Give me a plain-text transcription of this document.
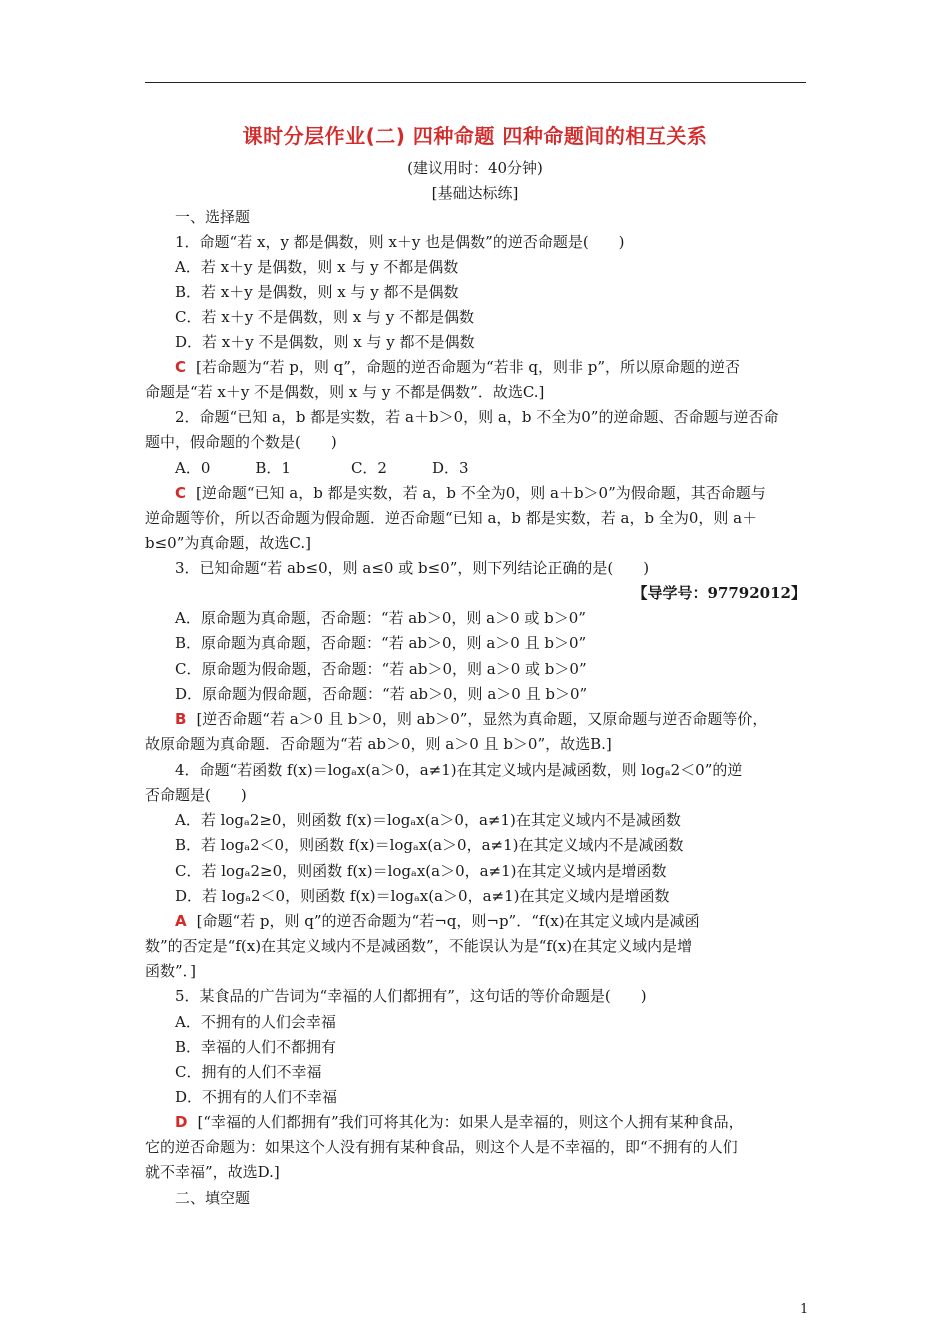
课时分层作业(二) 四种命题 四种命题间的相互关系
(建议用时：40分钟)
[基础达标练]
一、选择题
1．命题“若 x，y 都是偶数，则 x＋y 也是偶数”的逆否命题是(　　)
A．若 x＋y 是偶数，则 x 与 y 不都是偶数
B．若 x＋y 是偶数，则 x 与 y 都不是偶数
C．若 x＋y 不是偶数，则 x 与 y 不都是偶数
D．若 x＋y 不是偶数，则 x 与 y 都不是偶数
C [若命题为“若 p，则 q”，命题的逆否命题为“若非 q，则非 p”，所以原命题的逆否
命题是“若 x＋y 不是偶数，则 x 与 y 不都是偶数”．故选C.]
2．命题“已知 a，b 都是实数，若 a＋b＞0，则 a，b 不全为0”的逆命题、否命题与逆否命
题中，假命题的个数是(　　)
A．0　　　B．1　　　　C．2　　　D．3
C [逆命题“已知 a，b 都是实数，若 a，b 不全为0，则 a＋b＞0”为假命题，其否命题与
逆命题等价，所以否命题为假命题．逆否命题“已知 a，b 都是实数，若 a，b 全为0，则 a＋
b≤0”为真命题，故选C.]
3．已知命题“若 ab≤0，则 a≤0 或 b≤0”，则下列结论正确的是(　　)
【导学号：97792012】
A．原命题为真命题，否命题：“若 ab＞0，则 a＞0 或 b＞0”
B．原命题为真命题，否命题：“若 ab＞0，则 a＞0 且 b＞0”
C．原命题为假命题，否命题：“若 ab＞0，则 a＞0 或 b＞0”
D．原命题为假命题，否命题：“若 ab＞0，则 a＞0 且 b＞0”
B [逆否命题“若 a＞0 且 b＞0，则 ab＞0”，显然为真命题，又原命题与逆否命题等价，
故原命题为真命题．否命题为“若 ab＞0，则 a＞0 且 b＞0”，故选B.]
4．命题“若函数 f(x)＝logₐx(a＞0，a≠1)在其定义域内是减函数，则 logₐ2＜0”的逆
否命题是(　　)
A．若 logₐ2≥0，则函数 f(x)＝logₐx(a＞0，a≠1)在其定义域内不是减函数
B．若 logₐ2＜0，则函数 f(x)＝logₐx(a＞0，a≠1)在其定义域内不是减函数
C．若 logₐ2≥0，则函数 f(x)＝logₐx(a＞0，a≠1)在其定义域内是增函数
D．若 logₐ2＜0，则函数 f(x)＝logₐx(a＞0，a≠1)在其定义域内是增函数
A [命题“若 p，则 q”的逆否命题为“若¬q，则¬p”．“f(x)在其定义域内是减函
数”的否定是“f(x)在其定义域内不是减函数”，不能误认为是“f(x)在其定义域内是增
函数”．]
5．某食品的广告词为“幸福的人们都拥有”，这句话的等价命题是(　　)
A．不拥有的人们会幸福
B．幸福的人们不都拥有
C．拥有的人们不幸福
D．不拥有的人们不幸福
D [“幸福的人们都拥有”我们可将其化为：如果人是幸福的，则这个人拥有某种食品，
它的逆否命题为：如果这个人没有拥有某种食品，则这个人是不幸福的，即“不拥有的人们
就不幸福”，故选D.]
二、填空题
1
